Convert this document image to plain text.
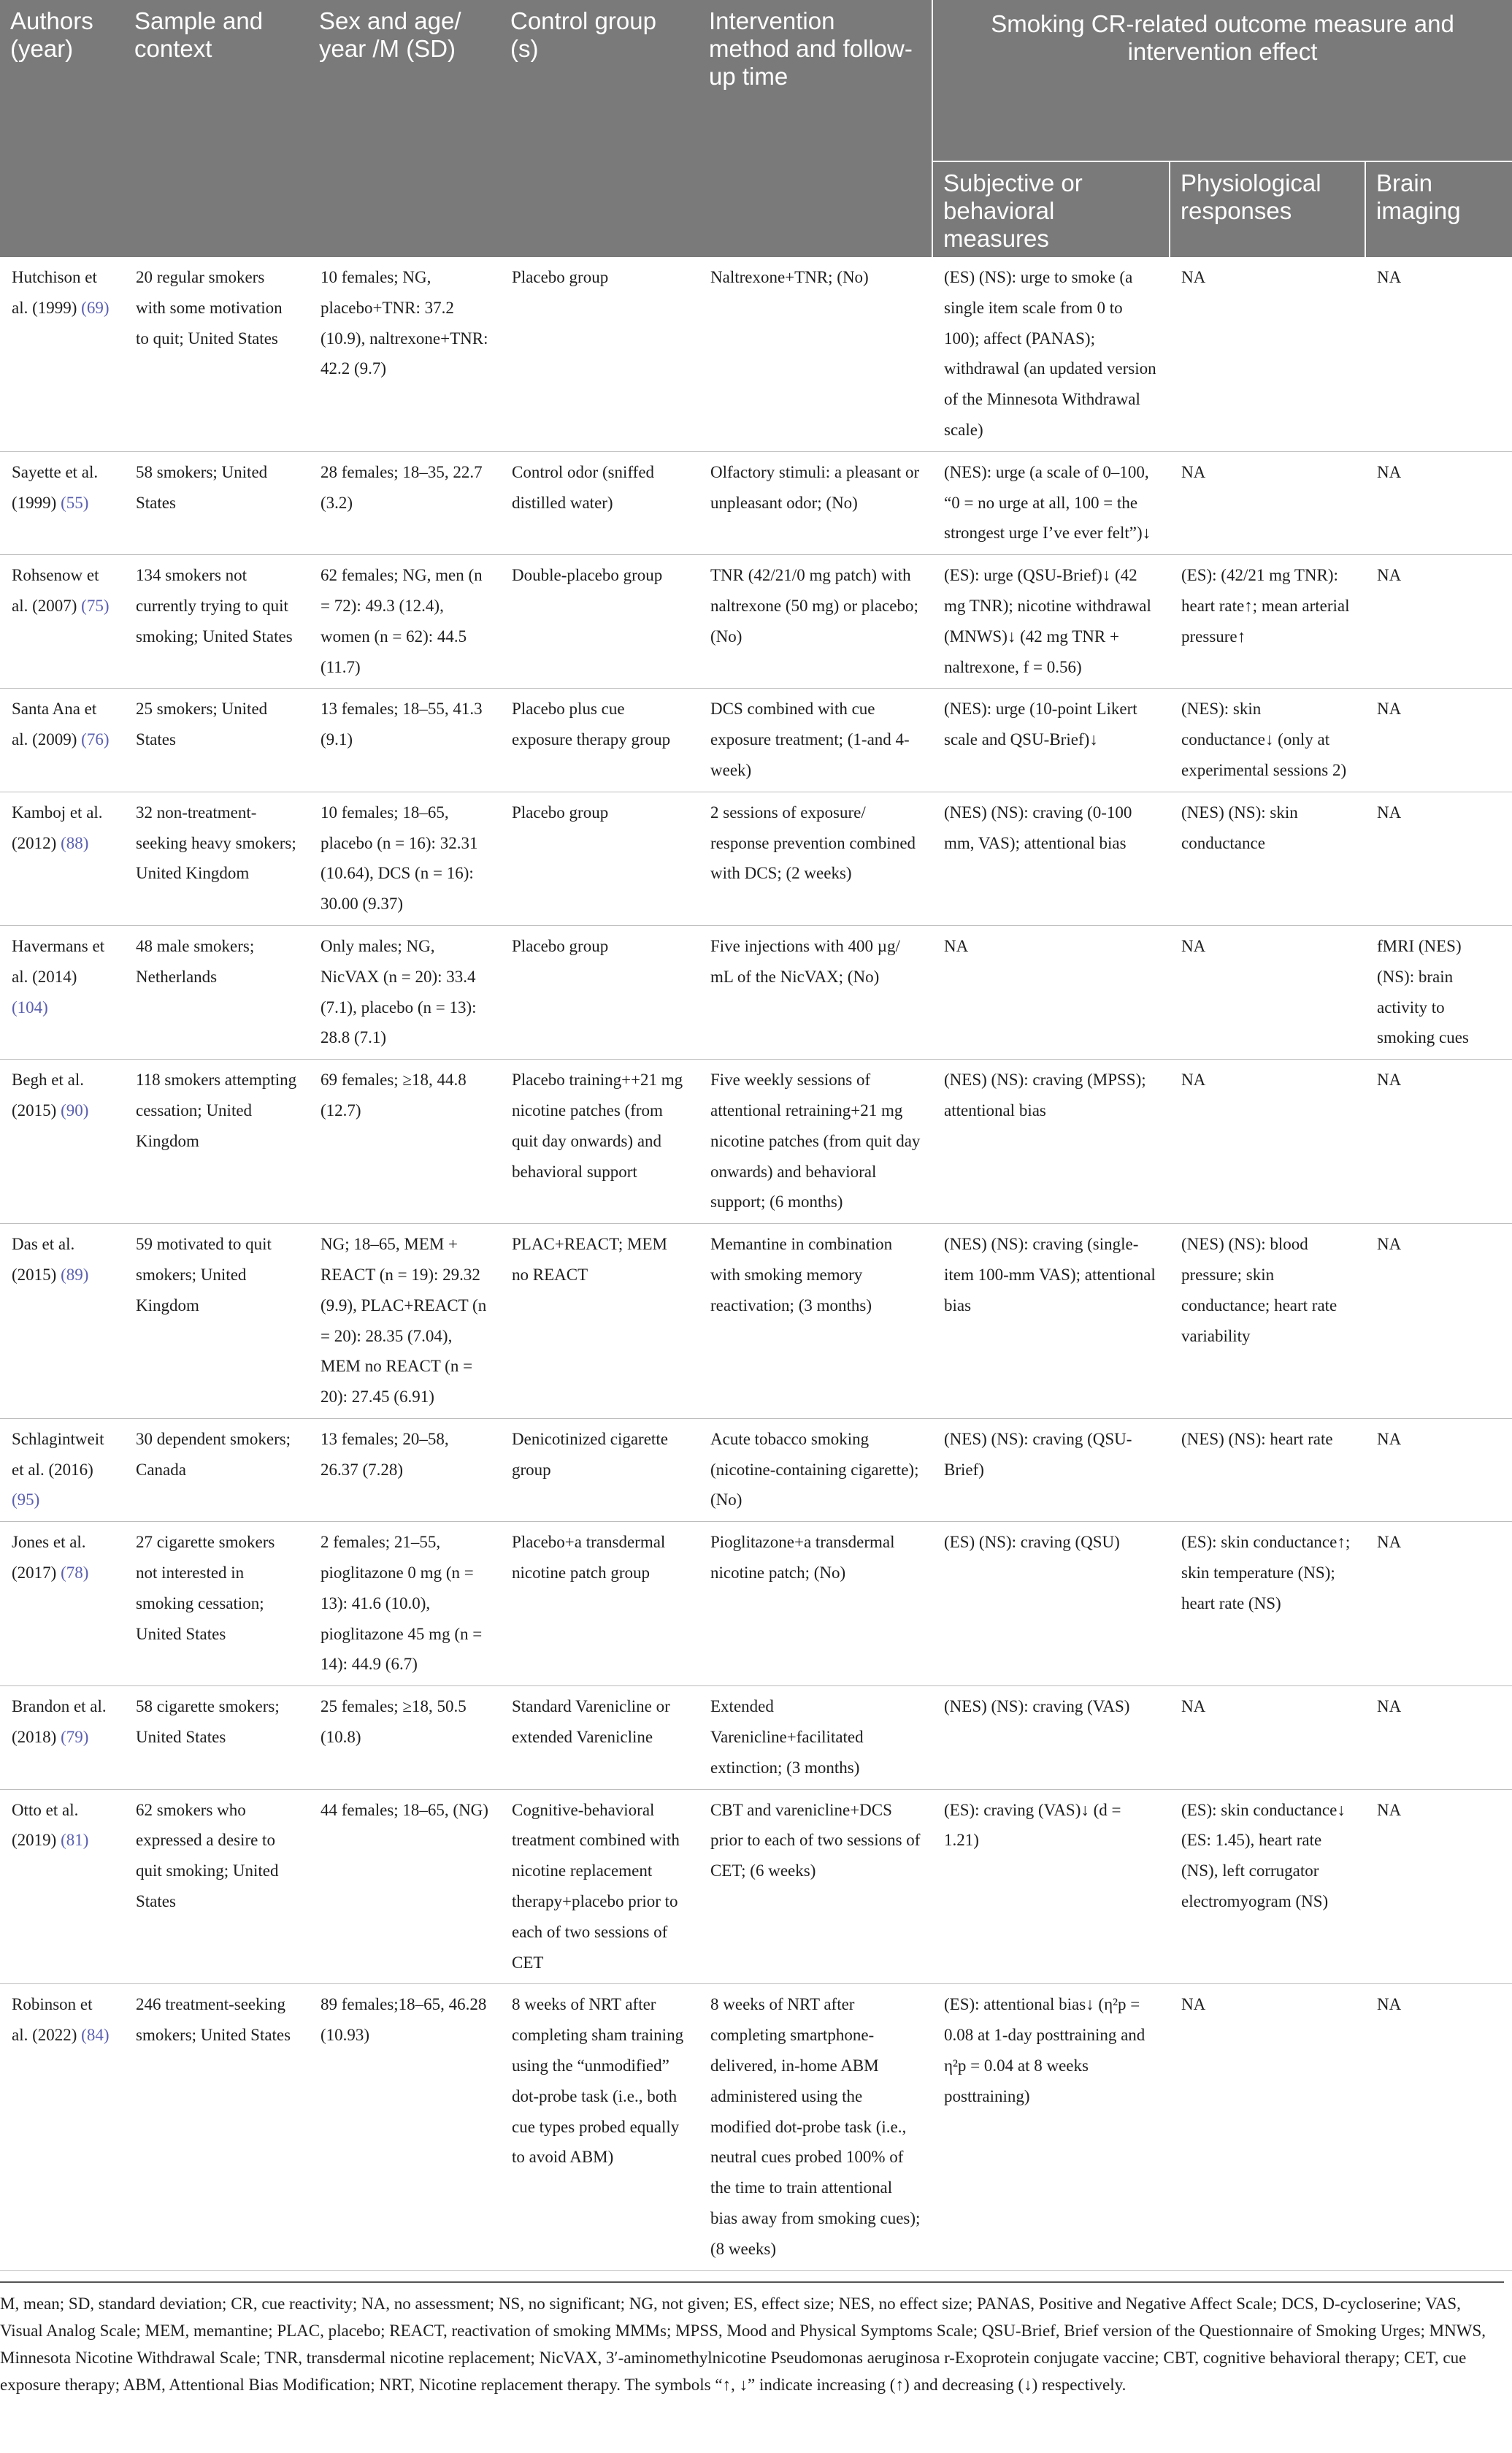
Authors (year)	Sample and context	Sex and age/ year /M (SD)	Control group (s)	Intervention method and follow-up time	Smoking CR-related outcome measure and intervention effect		
					Subjective or behavioral measures	Physiological responses	Brain imaging
Hutchison et al. (1999) (69)	20 regular smokers with some motivation to quit; United States	10 females; NG, placebo+TNR: 37.2 (10.9), naltrexone+TNR: 42.2 (9.7)	Placebo group	Naltrexone+TNR; (No)	(ES) (NS): urge to smoke (a single item scale from 0 to 100); affect (PANAS); withdrawal (an updated version of the Minnesota Withdrawal scale)	NA	NA
Sayette et al. (1999) (55)	58 smokers; United States	28 females; 18–35, 22.7 (3.2)	Control odor (sniffed distilled water)	Olfactory stimuli: a pleasant or unpleasant odor; (No)	(NES): urge (a scale of 0–100, “0 = no urge at all, 100 = the strongest urge I’ve ever felt”)↓	NA	NA
Rohsenow et al. (2007) (75)	134 smokers not currently trying to quit smoking; United States	62 females; NG, men (n = 72): 49.3 (12.4), women (n = 62): 44.5 (11.7)	Double-placebo group	TNR (42/21/0 mg patch) with naltrexone (50 mg) or placebo; (No)	(ES): urge (QSU-Brief)↓ (42 mg TNR); nicotine withdrawal (MNWS)↓ (42 mg TNR + naltrexone, f = 0.56)	(ES): (42/21 mg TNR): heart rate↑; mean arterial pressure↑	NA
Santa Ana et al. (2009) (76)	25 smokers; United States	13 females; 18–55, 41.3 (9.1)	Placebo plus cue exposure therapy group	DCS combined with cue exposure treatment; (1-and 4-week)	(NES): urge (10-point Likert scale and QSU-Brief)↓	(NES): skin conductance↓ (only at experimental sessions 2)	NA
Kamboj et al. (2012) (88)	32 non-treatment-seeking heavy smokers; United Kingdom	10 females; 18–65, placebo (n = 16): 32.31 (10.64), DCS (n = 16): 30.00 (9.37)	Placebo group	2 sessions of exposure/ response prevention combined with DCS; (2 weeks)	(NES) (NS): craving (0-100 mm, VAS); attentional bias	(NES) (NS): skin conductance	NA
Havermans et al. (2014) (104)	48 male smokers; Netherlands	Only males; NG, NicVAX (n = 20): 33.4 (7.1), placebo (n = 13): 28.8 (7.1)	Placebo group	Five injections with 400 µg/ mL of the NicVAX; (No)	NA	NA	fMRI (NES) (NS): brain activity to smoking cues
Begh et al. (2015) (90)	118 smokers attempting cessation; United Kingdom	69 females; ≥18, 44.8 (12.7)	Placebo training++21 mg nicotine patches (from quit day onwards) and behavioral support	Five weekly sessions of attentional retraining+21 mg nicotine patches (from quit day onwards) and behavioral support; (6 months)	(NES) (NS): craving (MPSS); attentional bias	NA	NA
Das et al. (2015) (89)	59 motivated to quit smokers; United Kingdom	NG; 18–65, MEM + REACT (n = 19): 29.32 (9.9), PLAC+REACT (n = 20): 28.35 (7.04), MEM no REACT (n = 20): 27.45 (6.91)	PLAC+REACT; MEM no REACT	Memantine in combination with smoking memory reactivation; (3 months)	(NES) (NS): craving (single-item 100-mm VAS); attentional bias	(NES) (NS): blood pressure; skin conductance; heart rate variability	NA
Schlagintweit et al. (2016) (95)	30 dependent smokers; Canada	13 females; 20–58, 26.37 (7.28)	Denicotinized cigarette group	Acute tobacco smoking (nicotine-containing cigarette); (No)	(NES) (NS): craving (QSU-Brief)	(NES) (NS): heart rate	NA
Jones et al. (2017) (78)	27 cigarette smokers not interested in smoking cessation; United States	2 females; 21–55, pioglitazone 0 mg (n = 13): 41.6 (10.0), pioglitazone 45 mg (n = 14): 44.9 (6.7)	Placebo+a transdermal nicotine patch group	Pioglitazone+a transdermal nicotine patch; (No)	(ES) (NS): craving (QSU)	(ES): skin conductance↑; skin temperature (NS); heart rate (NS)	NA
Brandon et al. (2018) (79)	58 cigarette smokers; United States	25 females; ≥18, 50.5 (10.8)	Standard Varenicline or extended Varenicline	Extended Varenicline+facilitated extinction; (3 months)	(NES) (NS): craving (VAS)	NA	NA
Otto et al. (2019) (81)	62 smokers who expressed a desire to quit smoking; United States	44 females; 18–65, (NG)	Cognitive-behavioral treatment combined with nicotine replacement therapy+placebo prior to each of two sessions of CET	CBT and varenicline+DCS prior to each of two sessions of CET; (6 weeks)	(ES): craving (VAS)↓ (d = 1.21)	(ES): skin conductance↓ (ES: 1.45), heart rate (NS), left corrugator electromyogram (NS)	NA
Robinson et al. (2022) (84)	246 treatment-seeking smokers; United States	89 females;18–65, 46.28 (10.93)	8 weeks of NRT after completing sham training using the “unmodified” dot-probe task (i.e., both cue types probed equally to avoid ABM)	8 weeks of NRT after completing smartphone-delivered, in-home ABM administered using the modified dot-probe task (i.e., neutral cues probed 100% of the time to train attentional bias away from smoking cues); (8 weeks)	(ES): attentional bias↓ (η²p = 0.08 at 1-day posttraining and η²p = 0.04 at 8 weeks posttraining)	NA	NA
M, mean; SD, standard deviation; CR, cue reactivity; NA, no assessment; NS, no significant; NG, not given; ES, effect size; NES, no effect size; PANAS, Positive and Negative Affect Scale; DCS, D-cycloserine; VAS, Visual Analog Scale; MEM, memantine; PLAC, placebo; REACT, reactivation of smoking MMMs; MPSS, Mood and Physical Symptoms Scale; QSU-Brief, Brief version of the Questionnaire of Smoking Urges; MNWS, Minnesota Nicotine Withdrawal Scale; TNR, transdermal nicotine replacement; NicVAX, 3′-aminomethylnicotine Pseudomonas aeruginosa r-Exoprotein conjugate vaccine; CBT, cognitive behavioral therapy; CET, cue exposure therapy; ABM, Attentional Bias Modification; NRT, Nicotine replacement therapy. The symbols “↑, ↓” indicate increasing (↑) and decreasing (↓) respectively.
